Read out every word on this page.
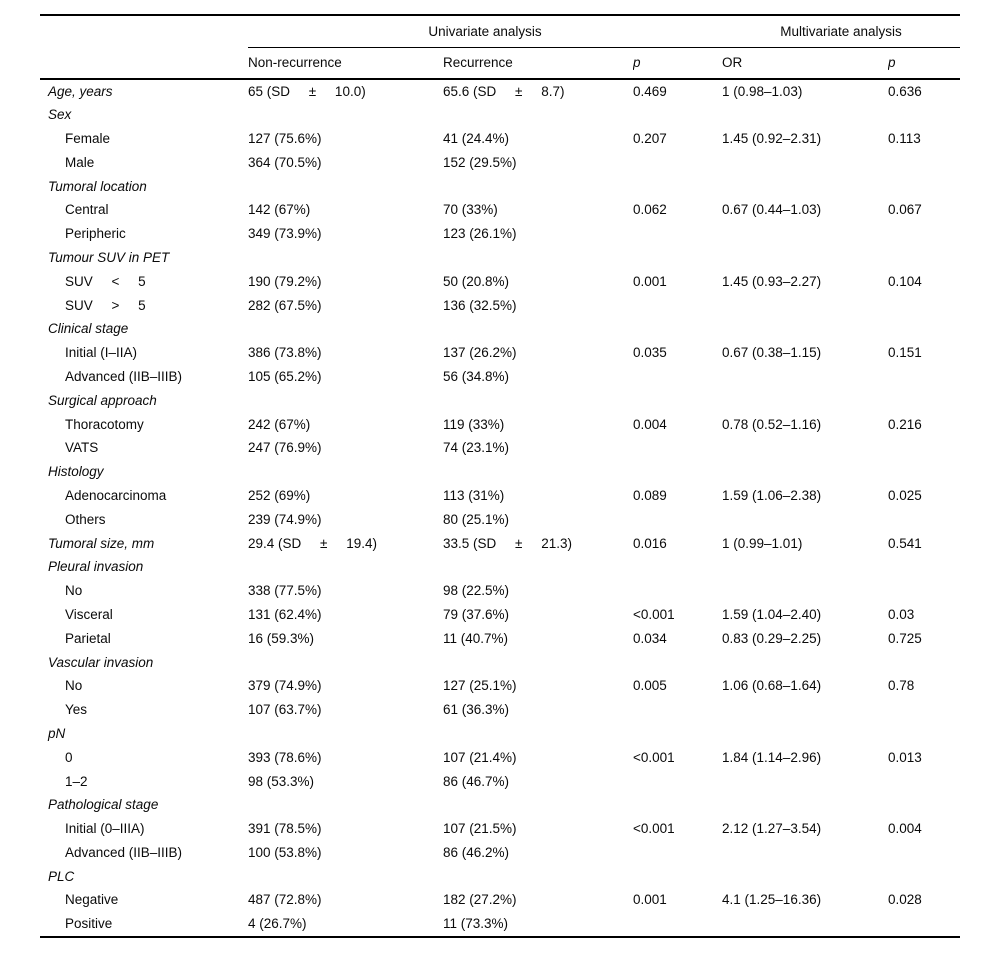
	Univariate analysis			Multivariate analysis	
	Non-recurrence	Recurrence	p	OR	p
Age, years	65 (SD     ±     10.0)	65.6 (SD     ±     8.7)	0.469	1 (0.98–1.03)	0.636
Sex					
Female	127 (75.6%)	41 (24.4%)	0.207	1.45 (0.92–2.31)	0.113
Male	364 (70.5%)	152 (29.5%)			
Tumoral location					
Central	142 (67%)	70 (33%)	0.062	0.67 (0.44–1.03)	0.067
Peripheric	349 (73.9%)	123 (26.1%)			
Tumour SUV in PET					
SUV     <     5	190 (79.2%)	50 (20.8%)	0.001	1.45 (0.93–2.27)	0.104
SUV     >     5	282 (67.5%)	136 (32.5%)			
Clinical stage					
Initial (I–IIA)	386 (73.8%)	137 (26.2%)	0.035	0.67 (0.38–1.15)	0.151
Advanced (IIB–IIIB)	105 (65.2%)	56 (34.8%)			
Surgical approach					
Thoracotomy	242 (67%)	119 (33%)	0.004	0.78 (0.52–1.16)	0.216
VATS	247 (76.9%)	74 (23.1%)			
Histology					
Adenocarcinoma	252 (69%)	113 (31%)	0.089	1.59 (1.06–2.38)	0.025
Others	239 (74.9%)	80 (25.1%)			
Tumoral size, mm	29.4 (SD     ±     19.4)	33.5 (SD     ±     21.3)	0.016	1 (0.99–1.01)	0.541
Pleural invasion					
No	338 (77.5%)	98 (22.5%)			
Visceral	131 (62.4%)	79 (37.6%)	<0.001	1.59 (1.04–2.40)	0.03
Parietal	16 (59.3%)	11 (40.7%)	0.034	0.83 (0.29–2.25)	0.725
Vascular invasion					
No	379 (74.9%)	127 (25.1%)	0.005	1.06 (0.68–1.64)	0.78
Yes	107 (63.7%)	61 (36.3%)			
pN					
0	393 (78.6%)	107 (21.4%)	<0.001	1.84 (1.14–2.96)	0.013
1–2	98 (53.3%)	86 (46.7%)			
Pathological stage					
Initial (0–IIIA)	391 (78.5%)	107 (21.5%)	<0.001	2.12 (1.27–3.54)	0.004
Advanced (IIB–IIIB)	100 (53.8%)	86 (46.2%)			
PLC					
Negative	487 (72.8%)	182 (27.2%)	0.001	4.1 (1.25–16.36)	0.028
Positive	4 (26.7%)	11 (73.3%)			
